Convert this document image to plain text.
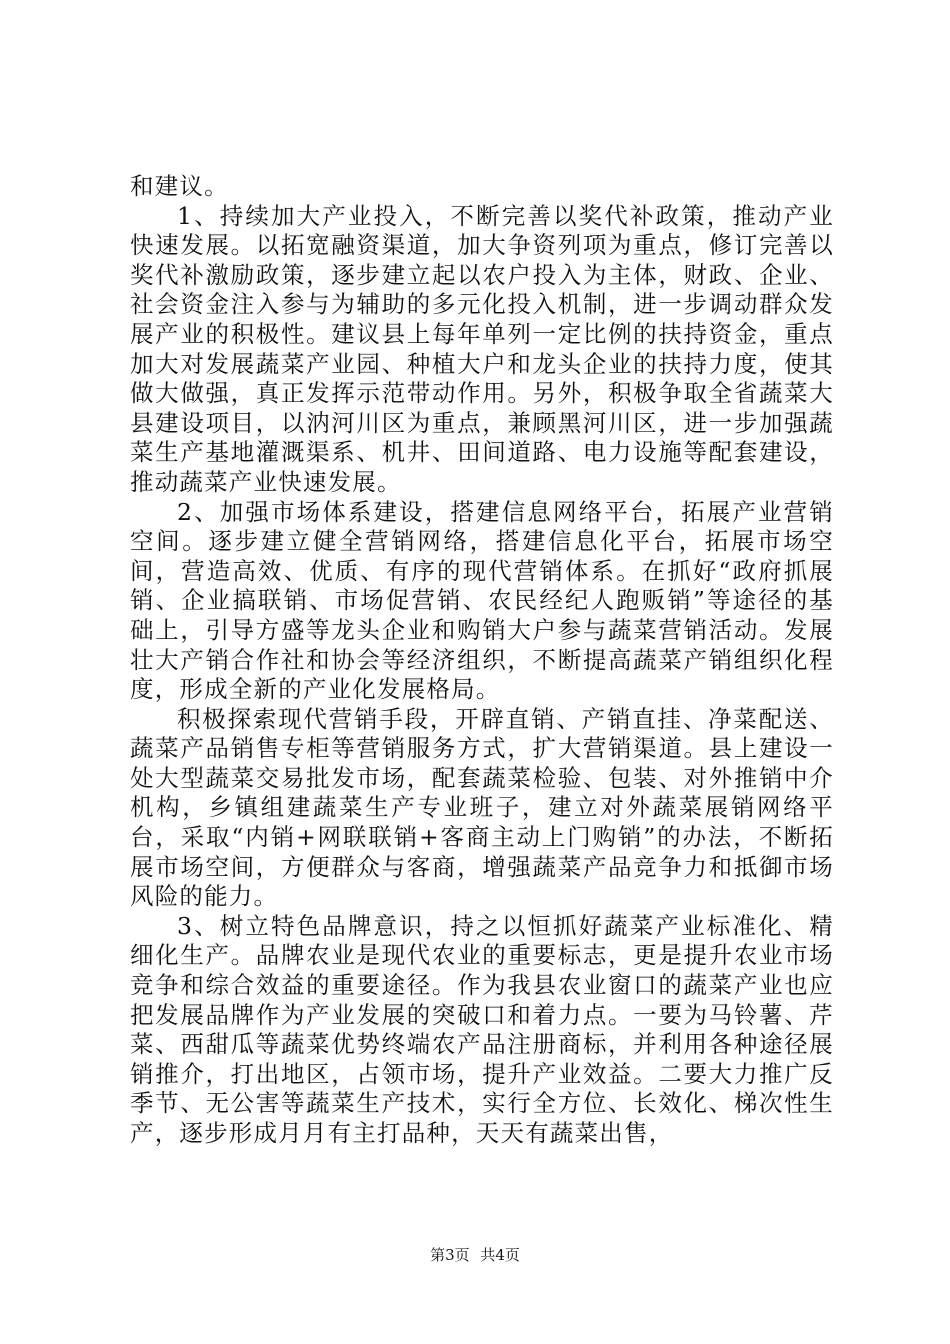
和建议。

1、持续加大产业投入，不断完善以奖代补政策，推动产业快速发展。以拓宽融资渠道，加大争资列项为重点，修订完善以奖代补激励政策，逐步建立起以农户投入为主体，财政、企业、社会资金注入参与为辅助的多元化投入机制，进一步调动群众发展产业的积极性。建议县上每年单列一定比例的扶持资金，重点加大对发展蔬菜产业园、种植大户和龙头企业的扶持力度，使其做大做强，真正发挥示范带动作用。另外，积极争取全省蔬菜大县建设项目，以汭河川区为重点，兼顾黑河川区，进一步加强蔬菜生产基地灌溉渠系、机井、田间道路、电力设施等配套建设，推动蔬菜产业快速发展。

2、加强市场体系建设，搭建信息网络平台，拓展产业营销空间。逐步建立健全营销网络，搭建信息化平台，拓展市场空间，营造高效、优质、有序的现代营销体系。在抓好“政府抓展销、企业搞联销、市场促营销、农民经纪人跑贩销”等途径的基础上，引导方盛等龙头企业和购销大户参与蔬菜营销活动。发展壮大产销合作社和协会等经济组织，不断提高蔬菜产销组织化程度，形成全新的产业化发展格局。

积极探索现代营销手段，开辟直销、产销直挂、净菜配送、蔬菜产品销售专柜等营销服务方式，扩大营销渠道。县上建设一处大型蔬菜交易批发市场，配套蔬菜检验、包装、对外推销中介机构，乡镇组建蔬菜生产专业班子，建立对外蔬菜展销网络平台，采取“内销+网联联销+客商主动上门购销”的办法，不断拓展市场空间，方便群众与客商，增强蔬菜产品竞争力和抵御市场风险的能力。

3、树立特色品牌意识，持之以恒抓好蔬菜产业标准化、精细化生产。品牌农业是现代农业的重要标志，更是提升农业市场竞争和综合效益的重要途径。作为我县农业窗口的蔬菜产业也应把发展品牌作为产业发展的突破口和着力点。一要为马铃薯、芹菜、西甜瓜等蔬菜优势终端农产品注册商标，并利用各种途径展销推介，打出地区，占领市场，提升产业效益。二要大力推广反季节、无公害等蔬菜生产技术，实行全方位、长效化、梯次性生产，逐步形成月月有主打品种，天天有蔬菜出售，

第3页 共4页
